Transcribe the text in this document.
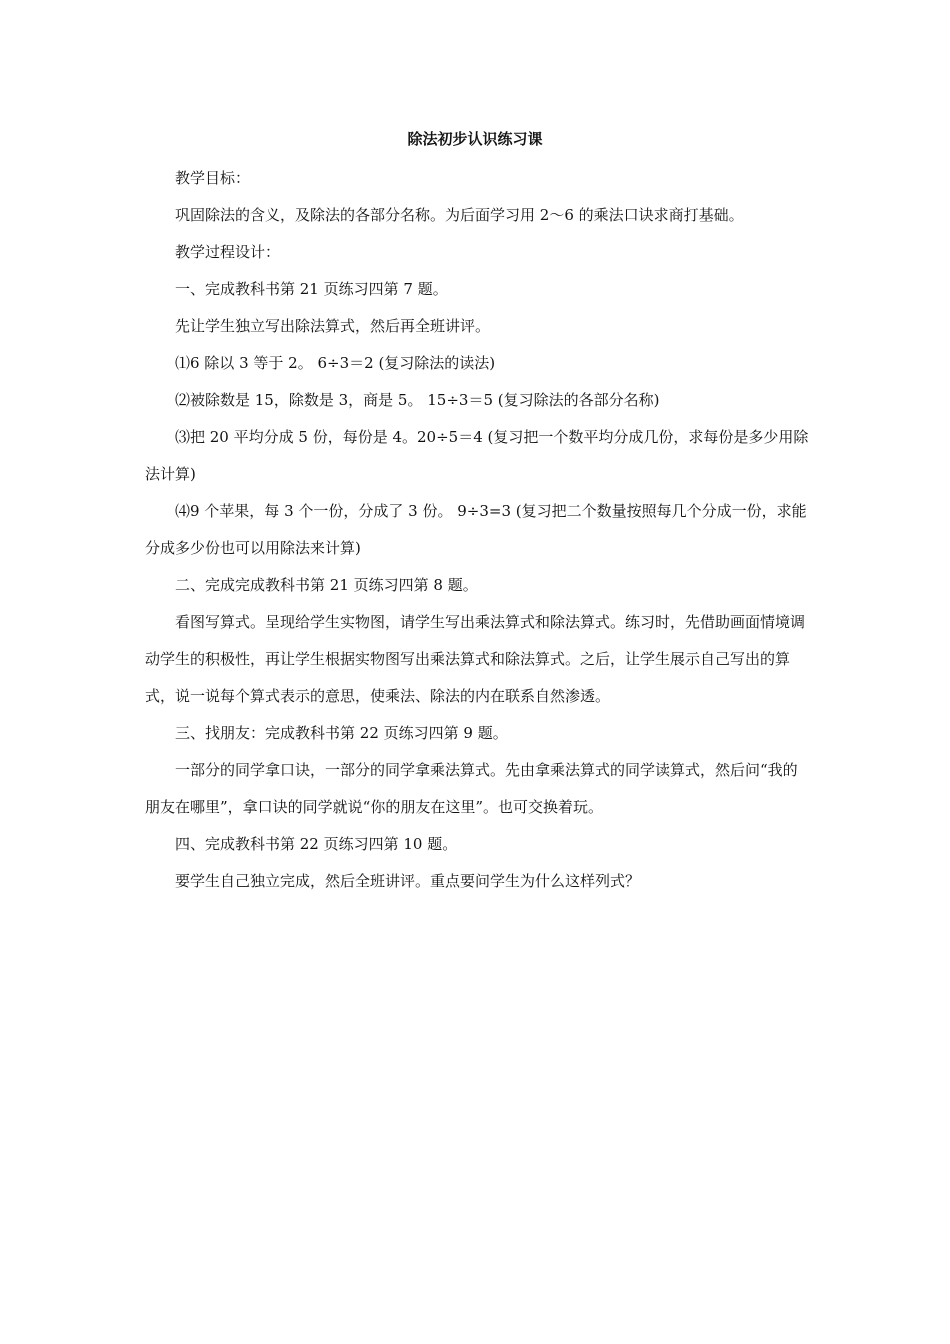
除法初步认识练习课

教学目标：

巩固除法的含义，及除法的各部分名称。为后面学习用 2～6 的乘法口诀求商打基础。

教学过程设计：

一、完成教科书第 21 页练习四第 7 题。

先让学生独立写出除法算式，然后再全班讲评。

⑴6 除以 3 等于 2。 6÷3＝2 (复习除法的读法)

⑵被除数是 15，除数是 3，商是 5。 15÷3＝5 (复习除法的各部分名称)

⑶把 20 平均分成 5 份，每份是 4。20÷5＝4 (复习把一个数平均分成几份，求每份是多少用除法计算)

⑷9 个苹果，每 3 个一份，分成了 3 份。 9÷3=3 (复习把二个数量按照每几个分成一份，求能分成多少份也可以用除法来计算)

二、完成完成教科书第 21 页练习四第 8 题。

看图写算式。呈现给学生实物图，请学生写出乘法算式和除法算式。练习时，先借助画面情境调动学生的积极性，再让学生根据实物图写出乘法算式和除法算式。之后，让学生展示自己写出的算式，说一说每个算式表示的意思，使乘法、除法的内在联系自然渗透。

三、找朋友：完成教科书第 22 页练习四第 9 题。

一部分的同学拿口诀，一部分的同学拿乘法算式。先由拿乘法算式的同学读算式，然后问“我的朋友在哪里”，拿口诀的同学就说“你的朋友在这里”。也可交换着玩。

四、完成教科书第 22 页练习四第 10 题。

要学生自己独立完成，然后全班讲评。重点要问学生为什么这样列式？
